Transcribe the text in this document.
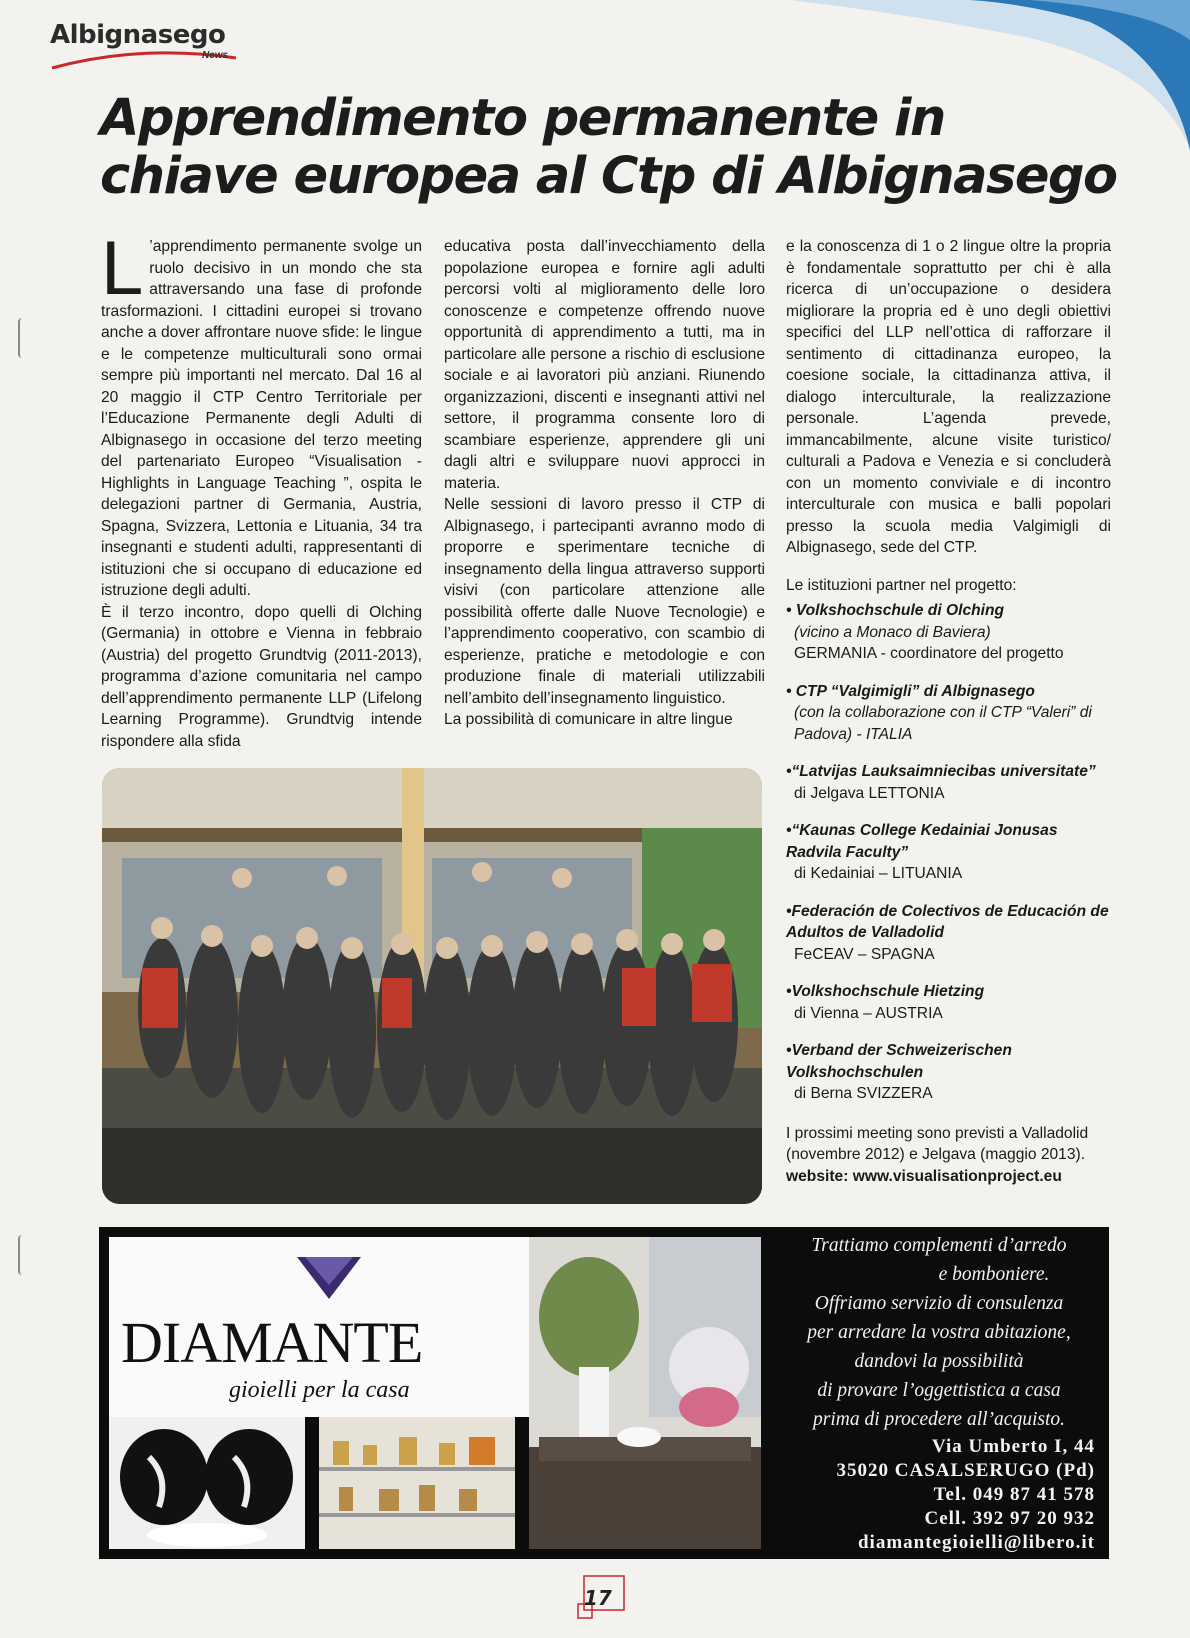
Albignasego
News
Apprendimento permanente in chiave europea al Ctp di Albignasego

L ’apprendimento permanente svolge un ruolo decisivo in un mondo che sta attraversando una fase di profonde trasformazioni. I cittadini europei si trovano anche a dover affrontare nuove sfide: le lingue e le competenze multiculturali sono ormai sempre più importanti nel mercato. Dal 16 al 20 maggio il CTP Centro Territoriale per l’Educazione Permanente degli Adulti di Albignasego in occasione del terzo meeting del partenariato Europeo “Visualisation - Highlights in Language Teaching ”, ospita le delegazioni partner di Germania, Austria, Spagna, Svizzera, Lettonia e Lituania, 34 tra insegnanti e studenti adulti, rappresentanti di istituzioni che si occupano di educazione ed istruzione degli adulti.

È il terzo incontro, dopo quelli di Olching (Germania) in ottobre e Vienna in febbraio (Austria) del progetto Grundtvig (2011-2013), programma d’azione comunitaria nel campo dell’apprendimento permanente LLP (Lifelong Learning Programme). Grundtvig intende rispondere alla sfida

educativa posta dall’invecchiamento della popolazione europea e fornire agli adulti percorsi volti al miglioramento delle loro conoscenze e competenze offrendo nuove opportunità di apprendimento a tutti, ma in particolare alle persone a rischio di esclusione sociale e ai lavoratori più anziani. Riunendo organizzazioni, discenti e insegnanti attivi nel settore, il programma consente loro di scambiare esperienze, apprendere gli uni dagli altri e sviluppare nuovi approcci in materia.

Nelle sessioni di lavoro presso il CTP di Albignasego, i partecipanti avranno modo di proporre e sperimentare tecniche di insegnamento della lingua attraverso supporti visivi (con particolare attenzione alle possibilità offerte dalle Nuove Tecnologie) e l’apprendimento cooperativo, con scambio di esperienze, pratiche e metodologie e con produzione finale di materiali utilizzabili nell’ambito dell’insegnamento linguistico.

La possibilità di comunicare in altre lingue

e la conoscenza di 1 o 2 lingue oltre la propria è fondamentale soprattutto per chi è alla ricerca di un’occupazione o desidera migliorare la propria ed è uno degli obiettivi specifici del LLP nell’ottica di rafforzare il sentimento di cittadinanza europeo, la coesione sociale, la cittadinanza attiva, il dialogo interculturale, la realizzazione personale. L’agenda prevede, immancabilmente, alcune visite turistico/ culturali a Padova e Venezia e si concluderà con un momento conviviale e di incontro interculturale con musica e balli popolari presso la scuola media Valgimigli di Albignasego, sede del CTP.

Le istituzioni partner nel progetto:

• Volkshochschule di Olching
(vicino a Monaco di Baviera)
GERMANIA - coordinatore del progetto
• CTP “Valgimigli” di Albignasego
(con la collaborazione con il CTP “Valeri” di Padova) - ITALIA
•“Latvijas Lauksaimniecibas universitate”
di Jelgava LETTONIA
•“Kaunas College Kedainiai Jonusas Radvila Faculty”
di Kedainiai – LITUANIA
•Federación de Colectivos de Educación de Adultos de Valladolid
FeCEAV – SPAGNA
•Volkshochschule Hietzing
di Vienna – AUSTRIA
•Verband der Schweizerischen Volkshochschulen
di Berna SVIZZERA

I prossimi meeting sono previsti a Valladolid (novembre 2012) e Jelgava (maggio 2013).

website: www.visualisationproject.eu

DIAMANTE
gioielli per la casa
Trattiamo complementi d’arredo
e bomboniere.
Offriamo servizio di consulenza
per arredare la vostra abitazione,
dandovi la possibilità
di provare l’oggettistica a casa
prima di procedere all’acquisto.
Via Umberto I, 44
35020 CASALSERUGO (Pd)
Tel. 049 87 41 578
Cell. 392 97 20 932
diamantegioielli@libero.it
17
